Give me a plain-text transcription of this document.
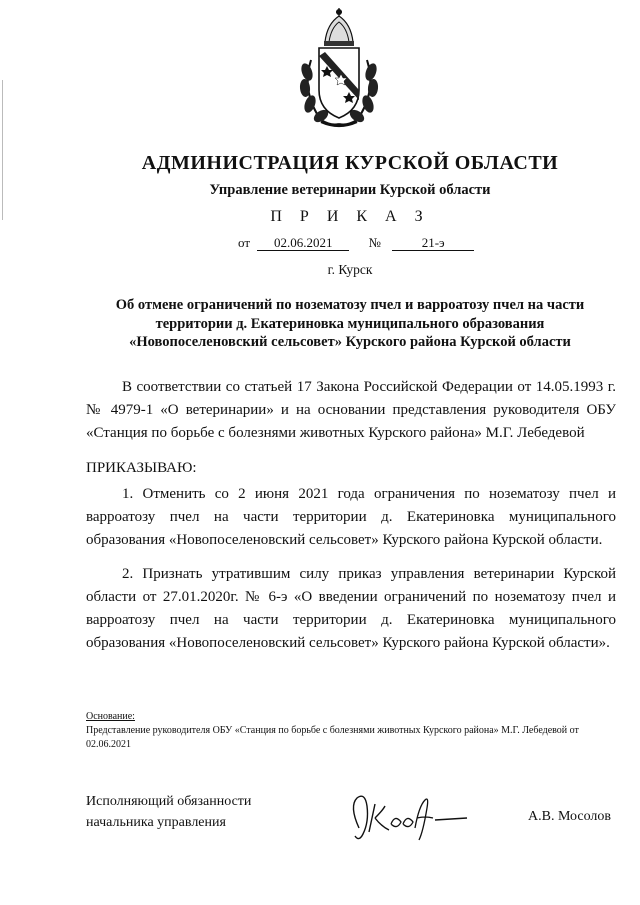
АДМИНИСТРАЦИЯ КУРСКОЙ ОБЛАСТИ
Управление ветеринарии Курской области
П Р И К А З
от 02.06.2021	№	21-э
г. Курск
Об отмене ограничений по нозематозу пчел и варроатозу пчел на части
территории д. Екатериновка муниципального образования
«Новопоселеновский сельсовет» Курского района Курской области
В соответствии со статьей 17 Закона Российской Федерации от 14.05.1993 г. № 4979-1 «О ветеринарии» и на основании представления руководителя ОБУ «Станция по борьбе с болезнями животных Курского района» М.Г. Лебедевой
ПРИКАЗЫВАЮ:
1. Отменить со 2 июня 2021 года ограничения по нозематозу пчел и варроатозу пчел на части территории д. Екатериновка муниципального образования «Новопоселеновский сельсовет» Курского района Курской области.
2. Признать утратившим силу приказ управления ветеринарии Курской области от 27.01.2020г. № 6-э «О введении ограничений по нозематозу пчел и варроатозу пчел на части территории д. Екатериновка муниципального образования «Новопоселеновский сельсовет» Курского района Курской области».
Основание:
Представление руководителя ОБУ «Станция по борьбе с болезнями животных Курского района» М.Г. Лебедевой от 02.06.2021
Исполняющий обязанности
начальника управления	А.В. Мосолов
